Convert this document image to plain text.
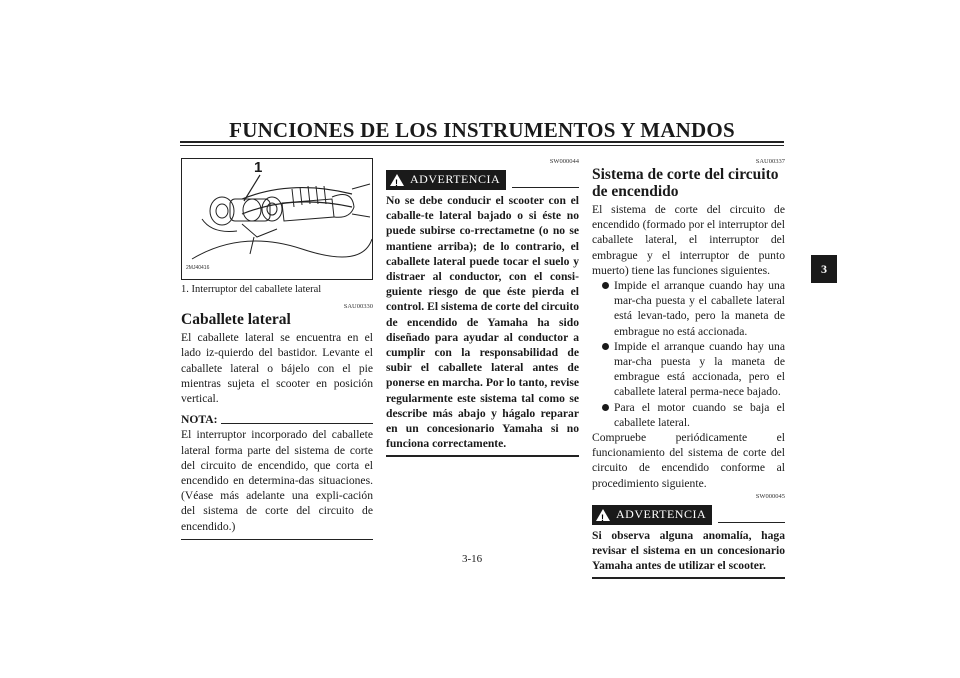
FUNCIONES DE LOS INSTRUMENTOS Y MANDOS
3
1
2MJ40416
1. Interruptor del caballete lateral
SAU00330
Caballete lateral
El caballete lateral se encuentra en el lado iz-quierdo del bastidor. Levante el caballete lateral o bájelo con el pie mientras sujeta el scooter en posición vertical.
NOTA:
El interruptor incorporado del caballete lateral forma parte del sistema de corte del circuito de encendido, que corta el encendido en determina-das situaciones. (Véase más adelante una expli-cación del sistema de corte del circuito de encendido.)
SW000044
! ADVERTENCIA
No se debe conducir el scooter con el caballe-te lateral bajado o si éste no puede subirse co-rrectametne (o no se mantiene arriba); de lo contrario, el caballete lateral puede tocar el suelo y distraer al conductor, con el consi-guiente riesgo de que éste pierda el control. El sistema de corte del circuito de encendido de Yamaha ha sido diseñado para ayudar al conductor a cumplir con la responsabilidad de subir el caballete lateral antes de ponerse en marcha. Por lo tanto, revise regularmente este sistema tal como se describe más abajo y hágalo reparar en un concesionario Yamaha si no funciona correctamente.
SAU00337
Sistema de corte del circuito de encendido
El sistema de corte del circuito de encendido (formado por el interruptor del caballete lateral, el interruptor del embrague y el interruptor de punto muerto) tiene las funciones siguientes.
Impide el arranque cuando hay una mar-cha puesta y el caballete lateral está levan-tado, pero la maneta de embrague no está accionada.
Impide el arranque cuando hay una mar-cha puesta y la maneta de embrague está accionada, pero el caballete lateral perma-nece bajado.
Para el motor cuando se baja el caballete lateral.
Compruebe periódicamente el funcionamiento del sistema de corte del circuito de encendido conforme al procedimiento siguiente.
SW000045
! ADVERTENCIA
Si observa alguna anomalía, haga revisar el sistema en un concesionario Yamaha antes de utilizar el scooter.
3-16
